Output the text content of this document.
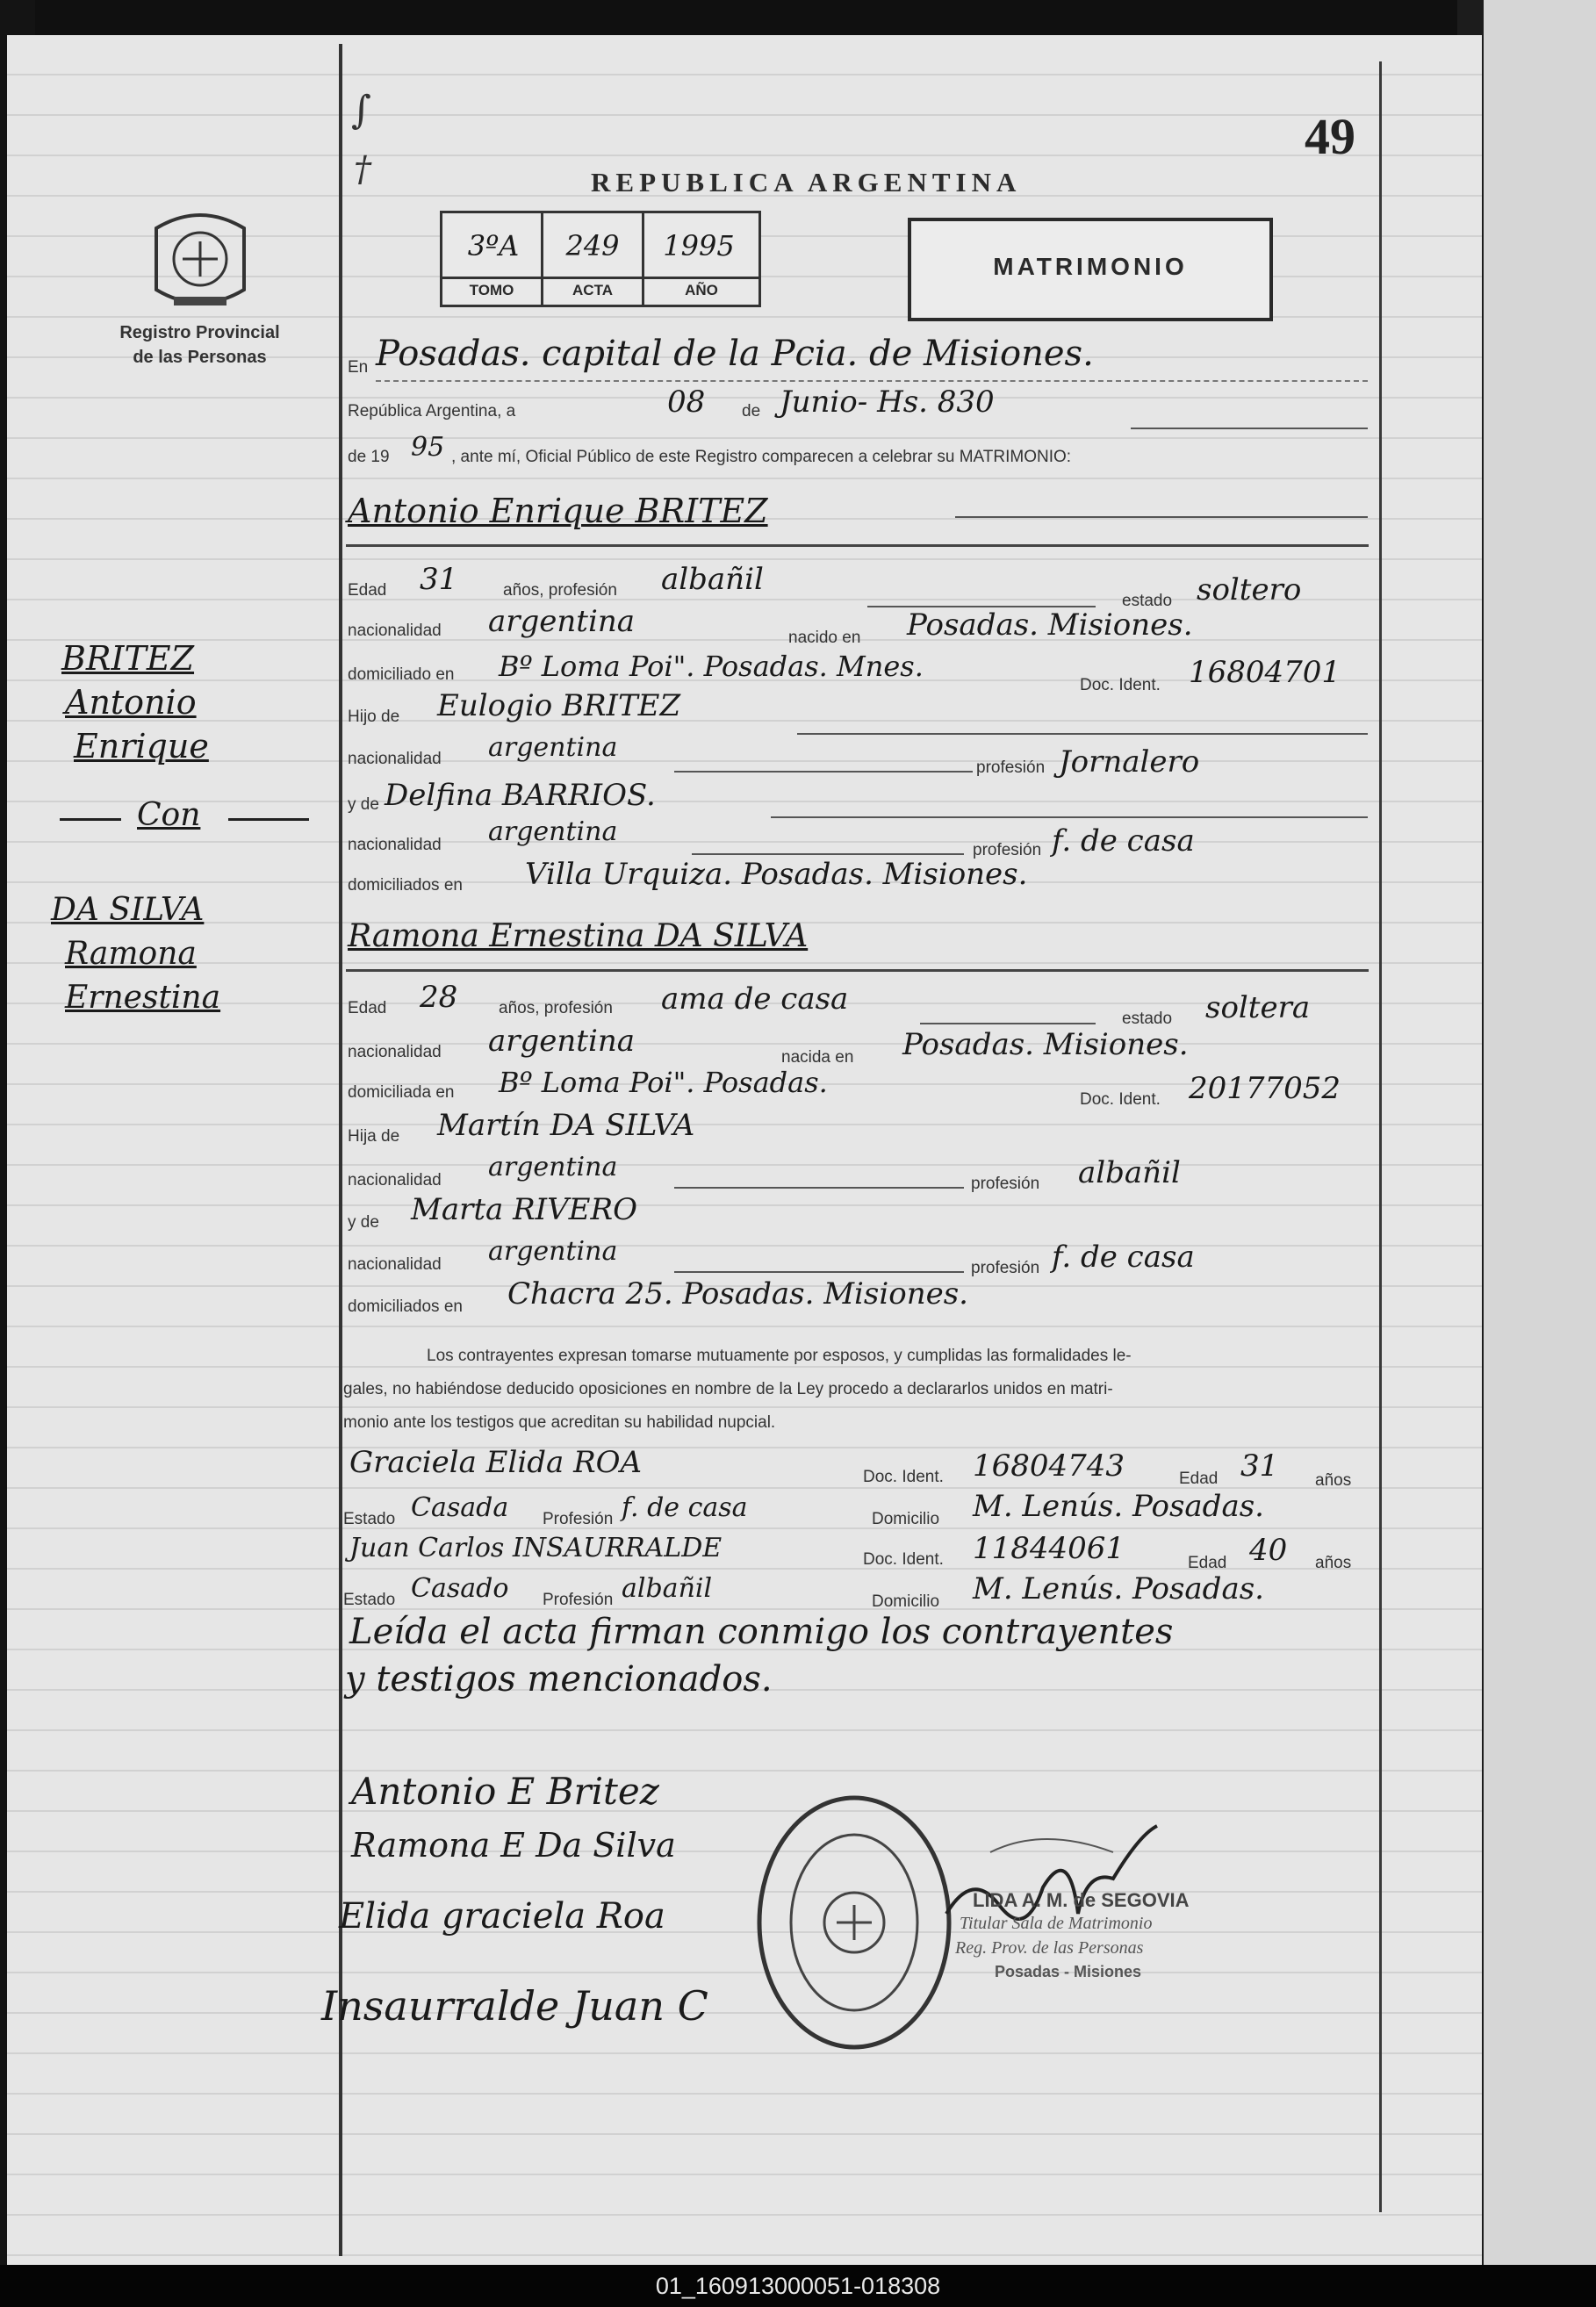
∫
†
49
REPUBLICA ARGENTINA
Registro Provincial
de las Personas
3ºA	249	1995
TOMO	ACTA	AÑO
MATRIMONIO
En Posadas. capital de la Pcia. de Misiones.
República Argentina, a	08 de Junio- Hs. 830
de 19 95 , ante mí, Oficial Público de este Registro comparecen a celebrar su MATRIMONIO:
Antonio Enrique BRITEZ
Edad 31	años, profesión albañil
estado soltero
nacionalidad argentina	nacido en Posadas. Misiones.
domiciliado en Bº Loma Poi". Posadas. Mnes.
Doc. Ident. 16804701
Hijo de Eulogio BRITEZ
nacionalidad argentina
profesión Jornalero
y de Delfina BARRIOS.
nacionalidad argentina
profesión f. de casa
domiciliados en Villa Urquiza. Posadas. Misiones.
Ramona Ernestina DA SILVA
Edad 28 años, profesión ama de casa
estado soltera
nacionalidad argentina	nacida en Posadas. Misiones.
domiciliada en Bº Loma Poi". Posadas.
Doc. Ident. 20177052
Hija de Martín DA SILVA
nacionalidad argentina
profesión albañil
y de Marta RIVERO
nacionalidad argentina
profesión f. de casa
domiciliados en Chacra 25. Posadas. Misiones.
Los contrayentes expresan tomarse mutuamente por esposos, y cumplidas las formalidades le-
gales, no habiéndose deducido oposiciones en nombre de la Ley procedo a declararlos unidos en matri-
monio ante los testigos que acreditan su habilidad nupcial.
Graciela Elida ROA	Doc. Ident. 16804743	Edad 31 años
Estado Casada Profesión f. de casa	Domicilio M. Lenús. Posadas.
Juan Carlos INSAURRALDE	Doc. Ident. 11844061	Edad 40 años
Estado Casado Profesión albañil	Domicilio M. Lenús. Posadas.
Leída el acta firman conmigo los contrayentes
y testigos mencionados.
BRITEZ
Antonio
Enrique
Con
DA SILVA
Ramona
Ernestina
Antonio E Britez
Ramona E Da Silva
Elida graciela Roa
Insaurralde Juan C
LIDA A. M. de SEGOVIA
Titular Sala de Matrimonio
Reg. Prov. de las Personas
Posadas - Misiones
01_160913000051-018308
